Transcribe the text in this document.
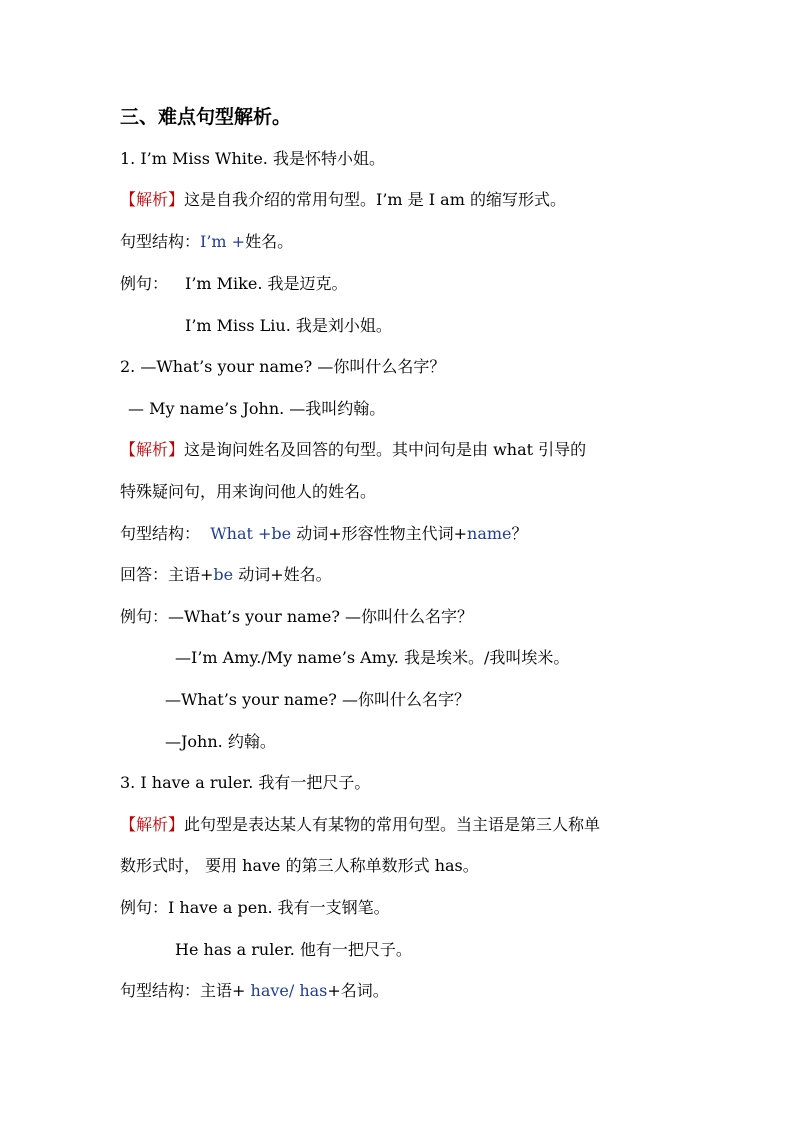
三、难点句型解析。
1. I’m Miss White. 我是怀特小姐。
【解析】这是自我介绍的常用句型。I’m 是 I am 的缩写形式。
句型结构：I’m +姓名。
例句： I’m Mike. 我是迈克。
I’m Miss Liu. 我是刘小姐。
2. —What’s your name? —你叫什么名字？
— My name’s John. —我叫约翰。
【解析】这是询问姓名及回答的句型。其中问句是由 what 引导的
特殊疑问句，用来询问他人的姓名。
句型结构： What +be 动词+形容性物主代词+name？
回答：主语+be 动词+姓名。
例句：—What’s your name? —你叫什么名字？
—I’m Amy./My name’s Amy. 我是埃米。/我叫埃米。
—What’s your name? —你叫什么名字？
—John. 约翰。
3. I have a ruler. 我有一把尺子。
【解析】此句型是表达某人有某物的常用句型。当主语是第三人称单
数形式时， 要用 have 的第三人称单数形式 has。
例句：I have a pen. 我有一支钢笔。
He has a ruler. 他有一把尺子。
句型结构：主语+ have/ has+名词。
